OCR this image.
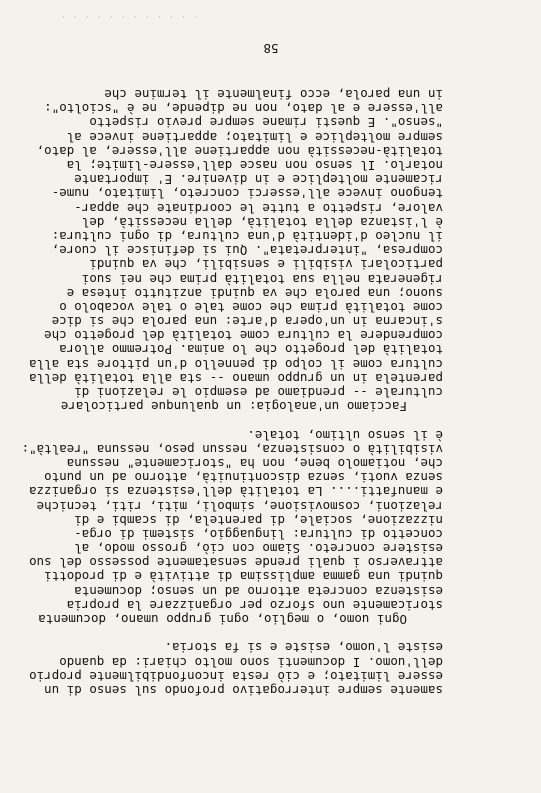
· · · · · · · · · · · ·
samente sempre interrogativo profondo sul senso di un
essere limitato; e ciò resta inconfondibilmente proprio
dell'uomo. I documenti sono molto chiari: da quando
esiste l'uomo, esiste e si fa storia.
Ogni uomo, o meglio, ogni gruppo umano, documenta
storicamente uno sforzo per organizzare la propria
esistenza concreta attorno ad un senso; documenta
quindi una gamma amplissima di attività e di prodotti
attraverso i quali prende sensatamente possesso del suo
esistere concreto. Siamo con ciò, grosso modo, al
concetto di cultura: linguaggio, sistemi di orga-
nizzazione, sociale, di parentela, di scambi e di
relazioni, cosmovisione, simboli, miti, riti, tecniche
e manufatti.... La totalità dell'esistenza si organizza
senza vuoti, senza discontinuità, attorno ad un punto
che, notiamolo bene, non ha "storicamente" nessuna
visibilità o consistenza, nessun peso, nessuna "realtà":
è il senso ultimo, totale.
Facciamo un'analogia: un qualunque particolare
culturale -- prendiamo ad esempio le relazioni di
parentela in un gruppo umano -- sta alla totalità della
cultura come il colpo di pennello d'un pittore sta alla
totalità del progetto che lo anima. Potremmo allora
comprendere la cultura come totalità del progetto che
s'incarna in un'opera d'arte: una parola che si dice
come totalità prima che come tale o tale vocabolo o
suono; una parola che va quindi anzitutto intesa e
rigenerata nella sua totalità prima che nei suoi
particolari visibili e sensibili, che va quindi
compresa, "interpretata". Qui si definisce il cuore,
il nucleo d'identità d'una cultura, di ogni cultura:
è l'istanza della totalità, della necessità, del
valore, rispetto a tutte le coordinate che appar-
tengono invece all'esserci concreto, limitato, nume-
ricamente molteplice e in divenire. E' importante
notarlo. Il senso non nasce dall'essere-limite; la
totalità-necessità non appartiene all'essere, al dato,
sempre molteplice e limitato; appartiene invece al
"senso". E questi rimane sempre previo rispetto
all'essere e al dato, non ne dipende, ne è "sciolto":
in una parola, ecco finalmente il termine che
58
